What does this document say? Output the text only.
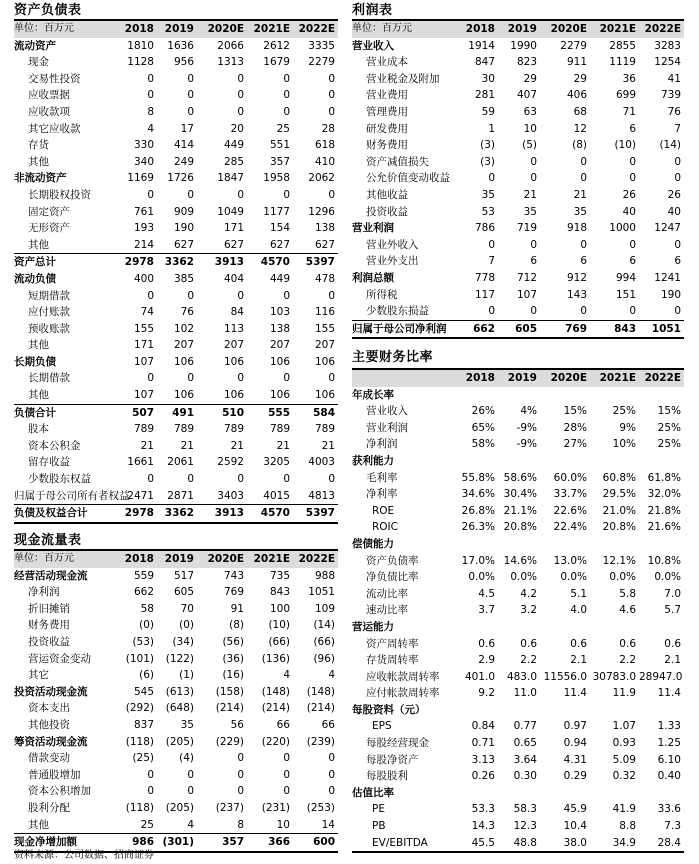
资产负债表
单位：百万元	2018	2019	2020E	2021E	2022E
流动资产	1810	1636	2066	2612	3335
现金	1128	956	1313	1679	2279
交易性投资	0	0	0	0	0
应收票据	0	0	0	0	0
应收款项	8	0	0	0	0
其它应收款	4	17	20	25	28
存货	330	414	449	551	618
其他	340	249	285	357	410
非流动资产	1169	1726	1847	1958	2062
长期股权投资	0	0	0	0	0
固定资产	761	909	1049	1177	1296
无形资产	193	190	171	154	138
其他	214	627	627	627	627
资产总计	2978	3362	3913	4570	5397
流动负债	400	385	404	449	478
短期借款	0	0	0	0	0
应付账款	74	76	84	103	116
预收账款	155	102	113	138	155
其他	171	207	207	207	207
长期负债	107	106	106	106	106
长期借款	0	0	0	0	0
其他	107	106	106	106	106
负债合计	507	491	510	555	584
股本	789	789	789	789	789
资本公积金	21	21	21	21	21
留存收益	1661	2061	2592	3205	4003
少数股东权益	0	0	0	0	0
归属于母公司所有者权益	2471	2871	3403	4015	4813
负债及权益合计	2978	3362	3913	4570	5397
现金流量表
单位：百万元	2018	2019	2020E	2021E	2022E
经营活动现金流	559	517	743	735	988
净利润	662	605	769	843	1051
折旧摊销	58	70	91	100	109
财务费用	(0)	(0)	(8)	(10)	(14)
投资收益	(53)	(34)	(56)	(66)	(66)
营运资金变动	(101)	(122)	(36)	(136)	(96)
其它	(6)	(1)	(16)	4	4
投资活动现金流	545	(613)	(158)	(148)	(148)
资本支出	(292)	(648)	(214)	(214)	(214)
其他投资	837	35	56	66	66
筹资活动现金流	(118)	(205)	(229)	(220)	(239)
借款变动	(25)	(4)	0	0	0
普通股增加	0	0	0	0	0
资本公积增加	0	0	0	0	0
股利分配	(118)	(205)	(237)	(231)	(253)
其他	25	4	8	10	14
现金净增加额	986	(301)	357	366	600
利润表
单位：百万元	2018	2019	2020E	2021E	2022E
营业收入	1914	1990	2279	2855	3283
营业成本	847	823	911	1119	1254
营业税金及附加	30	29	29	36	41
营业费用	281	407	406	699	739
管理费用	59	63	68	71	76
研发费用	1	10	12	6	7
财务费用	(3)	(5)	(8)	(10)	(14)
资产减值损失	(3)	0	0	0	0
公允价值变动收益	0	0	0	0	0
其他收益	35	21	21	26	26
投资收益	53	35	35	40	40
营业利润	786	719	918	1000	1247
营业外收入	0	0	0	0	0
营业外支出	7	6	6	6	6
利润总额	778	712	912	994	1241
所得税	117	107	143	151	190
少数股东损益	0	0	0	0	0
归属于母公司净利润	662	605	769	843	1051
主要财务比率
	2018	2019	2020E	2021E	2022E
年成长率					
营业收入	26%	4%	15%	25%	15%
营业利润	65%	-9%	28%	9%	25%
净利润	58%	-9%	27%	10%	25%
获利能力					
毛利率	55.8%	58.6%	60.0%	60.8%	61.8%
净利率	34.6%	30.4%	33.7%	29.5%	32.0%
ROE	26.8%	21.1%	22.6%	21.0%	21.8%
ROIC	26.3%	20.8%	22.4%	20.8%	21.6%
偿债能力					
资产负债率	17.0%	14.6%	13.0%	12.1%	10.8%
净负债比率	0.0%	0.0%	0.0%	0.0%	0.0%
流动比率	4.5	4.2	5.1	5.8	7.0
速动比率	3.7	3.2	4.0	4.6	5.7
营运能力					
资产周转率	0.6	0.6	0.6	0.6	0.6
存货周转率	2.9	2.2	2.1	2.2	2.1
应收帐款周转率	401.0	483.0	11556.0	30783.0	28947.0
应付帐款周转率	9.2	11.0	11.4	11.9	11.4
每股资料（元）					
EPS	0.84	0.77	0.97	1.07	1.33
每股经营现金	0.71	0.65	0.94	0.93	1.25
每股净资产	3.13	3.64	4.31	5.09	6.10
每股股利	0.26	0.30	0.29	0.32	0.40
估值比率					
PE	53.3	58.3	45.9	41.9	33.6
PB	14.3	12.3	10.4	8.8	7.3
EV/EBITDA	45.5	48.8	38.0	34.9	28.4
资料来源：公司数据、招商证券
